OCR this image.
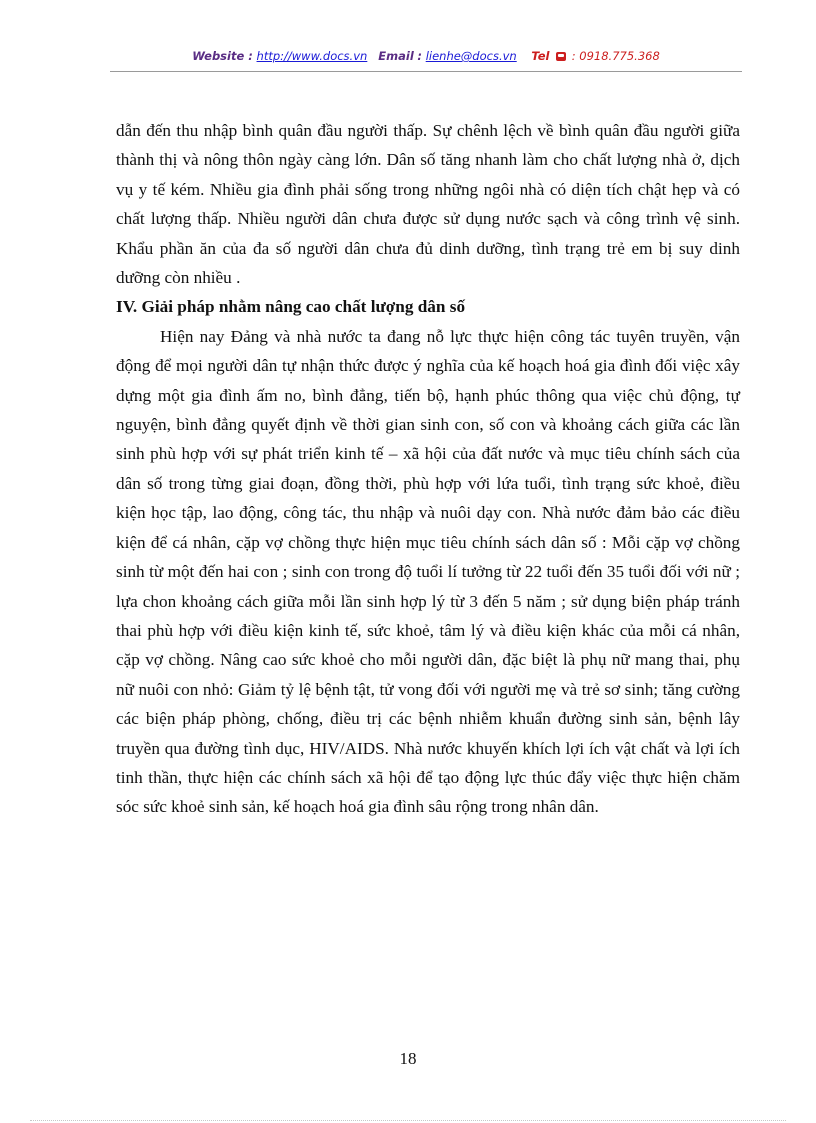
Website : http://www.docs.vn Email : lienhe@docs.vn Tel : 0918.775.368

dẫn đến thu nhập bình quân đầu người thấp. Sự chênh lệch về bình quân đầu người giữa thành thị và nông thôn ngày càng lớn. Dân số tăng nhanh làm cho chất lượng nhà ở, dịch vụ y tế kém. Nhiều gia đình phải sống trong những ngôi nhà có diện tích chật hẹp và có chất lượng thấp. Nhiều người dân chưa được sử dụng nước sạch và công trình vệ sinh. Khẩu phần ăn của đa số người dân chưa đủ dinh dưỡng, tình trạng trẻ em bị suy dinh dưỡng còn nhiều .

IV. Giải pháp nhằm nâng cao chất lượng dân số

Hiện nay Đảng và nhà nước ta đang nỗ lực thực hiện công tác tuyên truyền, vận động để mọi người dân tự nhận thức được ý nghĩa của kế hoạch hoá gia đình đối việc xây dựng một gia đình ấm no, bình đẳng, tiến bộ, hạnh phúc thông qua việc chủ động, tự nguyện, bình đẳng quyết định về thời gian sinh con, số con và khoảng cách giữa các lần sinh phù hợp với sự phát triển kinh tế – xã hội của đất nước và mục tiêu chính sách của dân số trong từng giai đoạn, đồng thời, phù hợp với lứa tuổi, tình trạng sức khoẻ, điều kiện học tập, lao động, công tác, thu nhập và nuôi dạy con. Nhà nước đảm bảo các điều kiện để cá nhân, cặp vợ chồng thực hiện mục tiêu chính sách dân số : Mỗi cặp vợ chồng sinh từ một đến hai con ; sinh con trong độ tuổi lí tưởng từ 22 tuổi đến 35 tuổi đối với nữ ; lựa chon khoảng cách giữa mỗi lần sinh hợp lý từ 3 đến 5 năm ; sử dụng biện pháp tránh thai phù hợp với điều kiện kinh tế, sức khoẻ, tâm lý và điều kiện khác của mỗi cá nhân, cặp vợ chồng. Nâng cao sức khoẻ cho mỗi người dân, đặc biệt là phụ nữ mang thai, phụ nữ nuôi con nhỏ: Giảm tỷ lệ bệnh tật, tử vong đối với người mẹ và trẻ sơ sinh; tăng cường các biện pháp phòng, chống, điều trị các bệnh nhiễm khuẩn đường sinh sản, bệnh lây truyền qua đường tình dục, HIV/AIDS. Nhà nước khuyến khích lợi ích vật chất và lợi ích tinh thần, thực hiện các chính sách xã hội để tạo động lực thúc đẩy việc thực hiện chăm sóc sức khoẻ sinh sản, kế hoạch hoá gia đình sâu rộng trong nhân dân.

18
